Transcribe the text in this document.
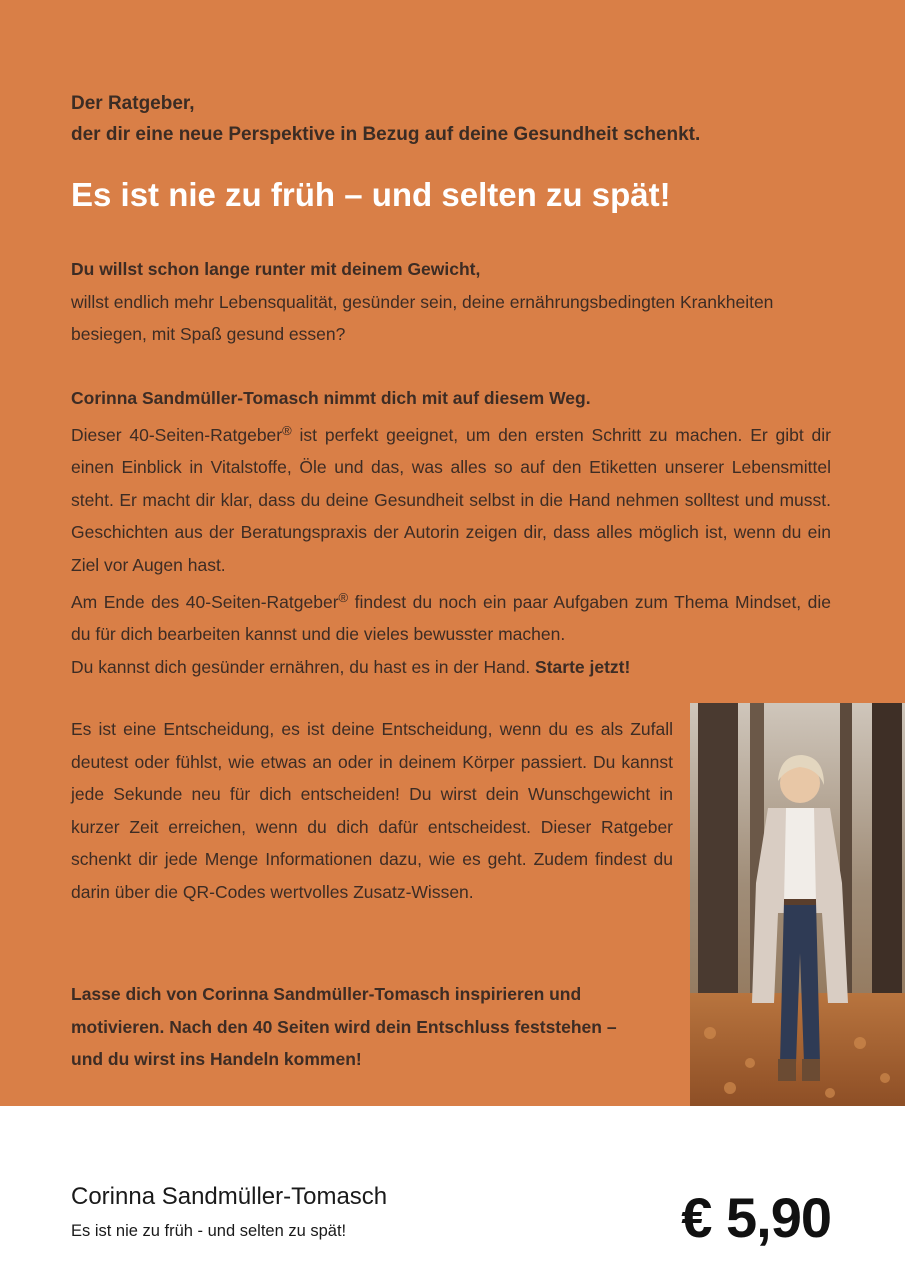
Der Ratgeber,
der dir eine neue Perspektive in Bezug auf deine Gesundheit schenkt.
Es ist nie zu früh – und selten zu spät!
Du willst schon lange runter mit deinem Gewicht,
willst endlich mehr Lebensqualität, gesünder sein, deine ernährungsbedingten Krankheiten besiegen, mit Spaß gesund essen?
Corinna Sandmüller-Tomasch nimmt dich mit auf diesem Weg.
Dieser 40-Seiten-Ratgeber® ist perfekt geeignet, um den ersten Schritt zu machen. Er gibt dir einen Einblick in Vitalstoffe, Öle und das, was alles so auf den Etiketten unserer Lebensmittel steht. Er macht dir klar, dass du deine Gesundheit selbst in die Hand nehmen solltest und musst. Geschichten aus der Beratungspraxis der Autorin zeigen dir, dass alles möglich ist, wenn du ein Ziel vor Augen hast.
Am Ende des 40-Seiten-Ratgeber® findest du noch ein paar Aufgaben zum Thema Mindset, die du für dich bearbeiten kannst und die vieles bewusster machen.
Du kannst dich gesünder ernähren, du hast es in der Hand. Starte jetzt!
Es ist eine Entscheidung, es ist deine Entscheidung, wenn du es als Zufall deutest oder fühlst, wie etwas an oder in deinem Körper passiert. Du kannst jede Sekunde neu für dich entscheiden! Du wirst dein Wunschgewicht in kurzer Zeit erreichen, wenn du dich dafür entscheidest. Dieser Ratgeber schenkt dir jede Menge Informationen dazu, wie es geht. Zudem findest du darin über die QR-Codes wertvolles Zusatz-Wissen.
Lasse dich von Corinna Sandmüller-Tomasch inspirieren und motivieren. Nach den 40 Seiten wird dein Entschluss feststehen – und du wirst ins Handeln kommen!
Corinna Sandmüller-Tomasch
Es ist nie zu früh - und selten zu spät!	€ 5,90
